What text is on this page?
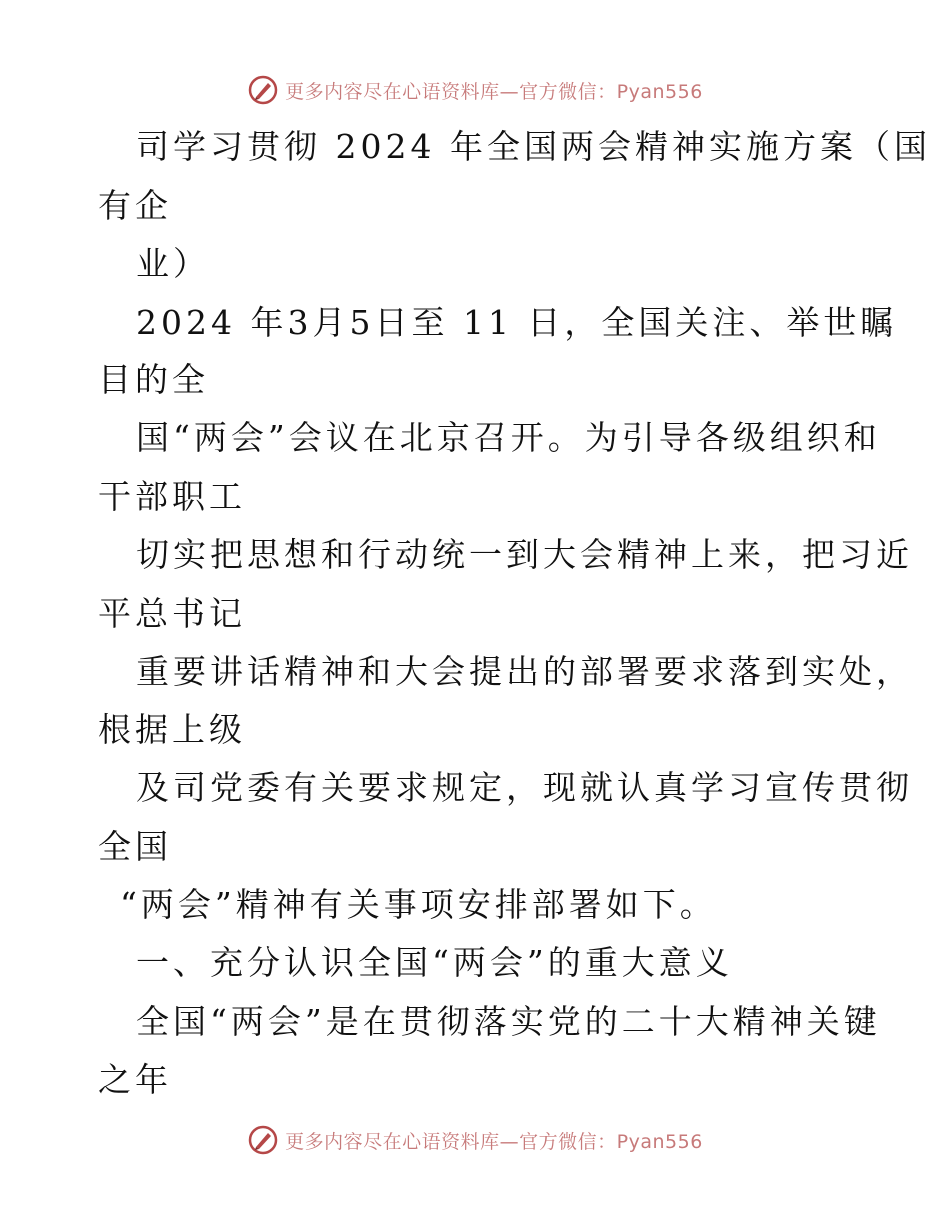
更多内容尽在心语资料库—官方微信：Pyan556
司学习贯彻 2024 年全国两会精神实施方案（国
有企
业）
2024 年3月5日至 11 日，全国关注、举世瞩
目的全
国“两会”会议在北京召开。为引导各级组织和
干部职工
切实把思想和行动统一到大会精神上来，把习近
平总书记
重要讲话精神和大会提出的部署要求落到实处，
根据上级
及司党委有关要求规定，现就认真学习宣传贯彻
全国
“两会”精神有关事项安排部署如下。
一、充分认识全国“两会”的重大意义
全国“两会”是在贯彻落实党的二十大精神关键
之年
更多内容尽在心语资料库—官方微信：Pyan556
